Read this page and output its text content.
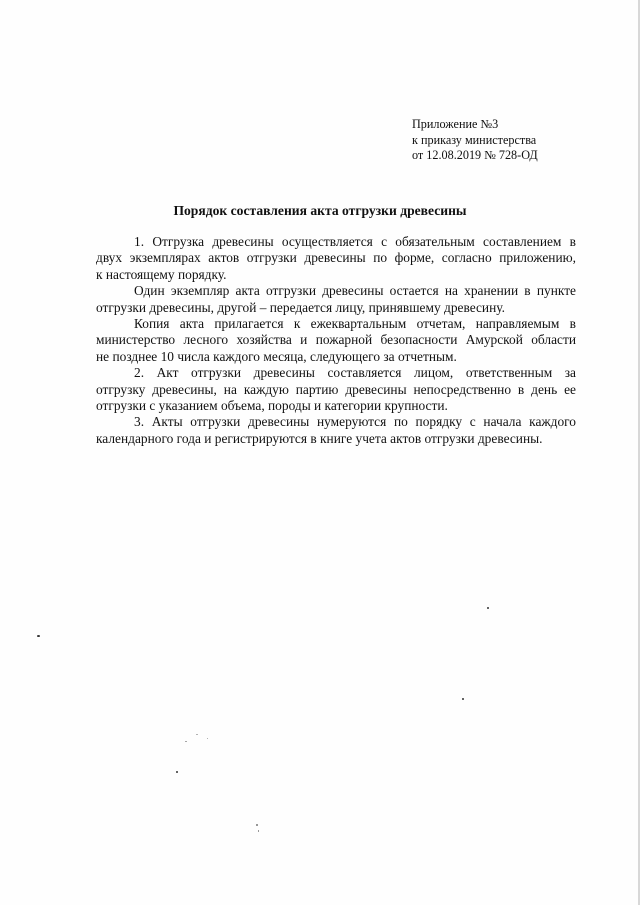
Приложение №3
к приказу министерства
от 12.08.2019 № 728-ОД
Порядок составления акта отгрузки древесины
1. Отгрузка древесины осуществляется с обязательным составлением в
двух экземплярах актов отгрузки древесины по форме, согласно приложению,
к настоящему порядку.
Один экземпляр акта отгрузки древесины остается на хранении в пункте
отгрузки древесины, другой – передается лицу, принявшему древесину.
Копия акта прилагается к ежеквартальным отчетам, направляемым в
министерство лесного хозяйства и пожарной безопасности Амурской области
не позднее 10 числа каждого месяца, следующего за отчетным.
2. Акт отгрузки древесины составляется лицом, ответственным за
отгрузку древесины, на каждую партию древесины непосредственно в день ее
отгрузки с указанием объема, породы и категории крупности.
3. Акты отгрузки древесины нумеруются по порядку с начала каждого
календарного года и регистрируются в книге учета актов отгрузки древесины.
